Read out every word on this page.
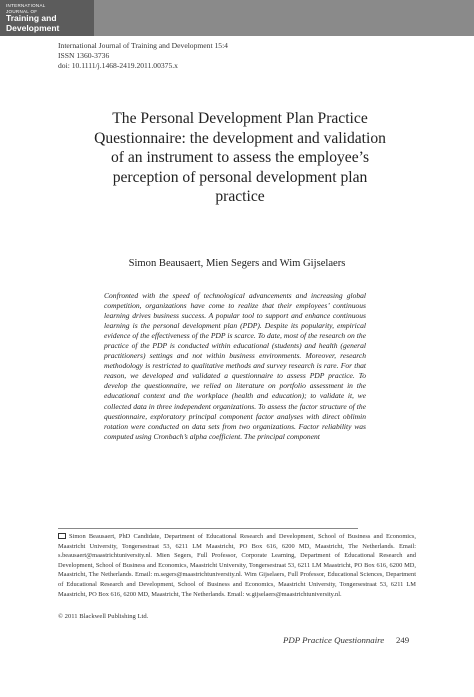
INTERNATIONAL
JOURNAL OF
Training and
Development
International Journal of Training and Development 15:4
ISSN 1360-3736
doi: 10.1111/j.1468-2419.2011.00375.x
The Personal Development Plan Practice Questionnaire: the development and validation of an instrument to assess the employee’s perception of personal development plan practice
Simon Beausaert, Mien Segers and Wim Gijselaers
Confronted with the speed of technological advancements and increasing global competition, organizations have come to realize that their employees’ continuous learning drives business success. A popular tool to support and enhance continuous learning is the personal development plan (PDP). Despite its popularity, empirical evidence of the effectiveness of the PDP is scarce. To date, most of the research on the practice of the PDP is conducted within educational (students) and health (general practitioners) settings and not within business environments. Moreover, research methodology is restricted to qualitative methods and survey research is rare. For that reason, we developed and validated a questionnaire to assess PDP practice. To develop the questionnaire, we relied on literature on portfolio assessment in the educational context and the workplace (health and education); to validate it, we collected data in three independent organizations. To assess the factor structure of the questionnaire, exploratory principal component factor analyses with direct oblimin rotation were conducted on data sets from two organizations. Factor reliability was computed using Cronbach’s alpha coefficient. The principal component
Simon Beausaert, PhD Candidate, Department of Educational Research and Development, School of Business and Economics, Maastricht University, Tongersestraat 53, 6211 LM Maastricht, PO Box 616, 6200 MD, Maastricht, The Netherlands. Email: s.beausaert@maastrichtuniversity.nl. Mien Segers, Full Professor, Corporate Learning, Department of Educational Research and Development, School of Business and Economics, Maastricht University, Tongersestraat 53, 6211 LM Maastricht, PO Box 616, 6200 MD, Maastricht, The Netherlands. Email: m.segers@maastrichtuniversity.nl. Wim Gijselaers, Full Professor, Educational Sciences, Department of Educational Research and Development, School of Business and Economics, Maastricht University, Tongersestraat 53, 6211 LM Maastricht, PO Box 616, 6200 MD, Maastricht, The Netherlands. Email: w.gijselaers@maastrichtuniversity.nl.
© 2011 Blackwell Publishing Ltd.
PDP Practice Questionnaire 249
